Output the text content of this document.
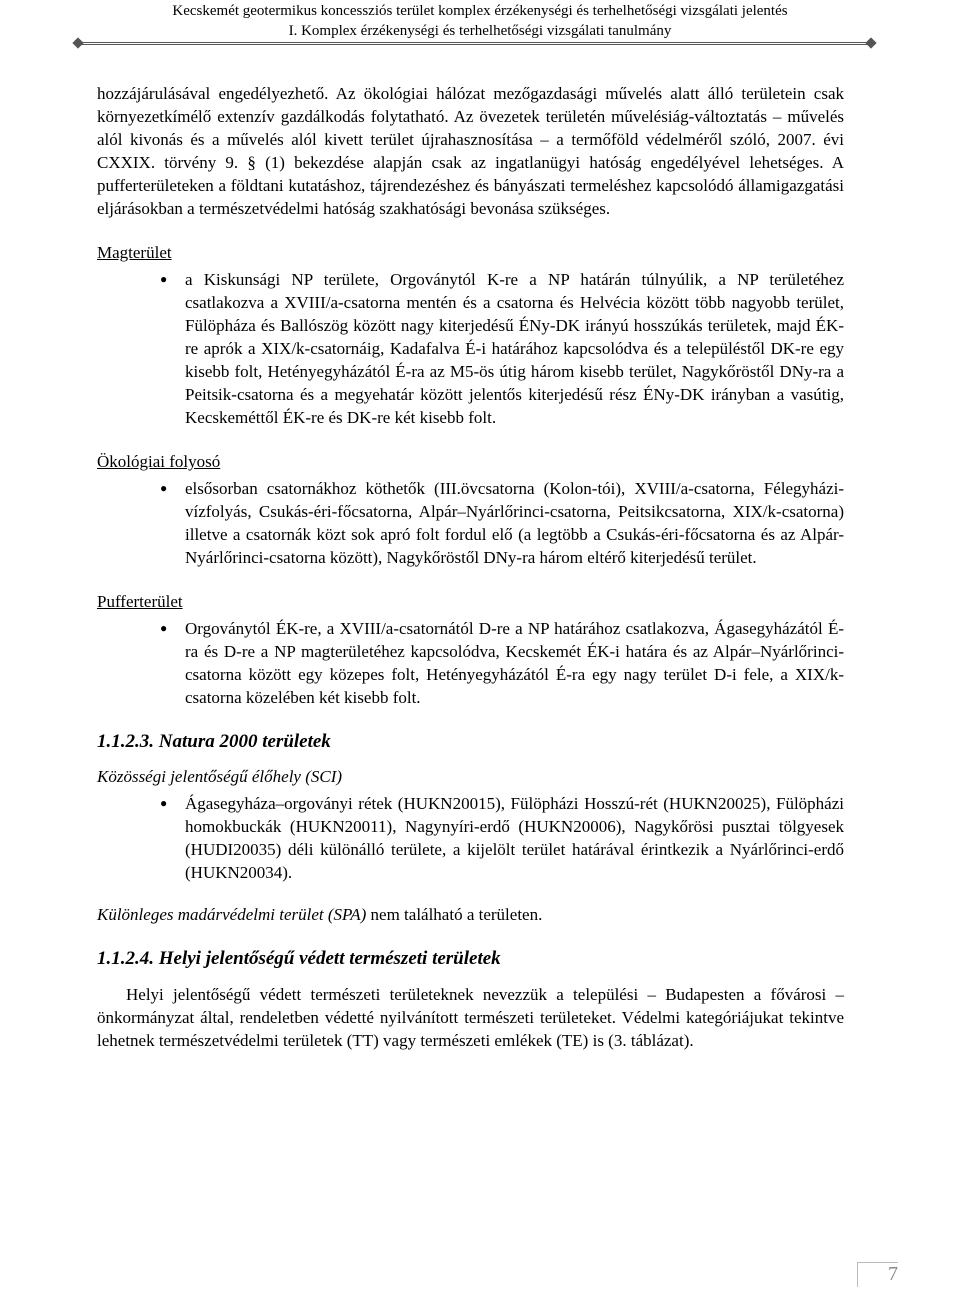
Kecskemét geotermikus koncessziós terület komplex érzékenységi és terhelhetőségi vizsgálati jelentés
I. Komplex érzékenységi és terhelhetőségi vizsgálati tanulmány

hozzájárulásával engedélyezhető. Az ökológiai hálózat mezőgazdasági művelés alatt álló területein csak környezetkímélő extenzív gazdálkodás folytatható. Az övezetek területén művelésiág-változtatás – művelés alól kivonás és a művelés alól kivett terület újrahasznosítása – a termőföld védelméről szóló, 2007. évi CXXIX. törvény 9. § (1) bekezdése alapján csak az ingatlanügyi hatóság engedélyével lehetséges. A pufferterületeken a földtani kutatáshoz, tájrendezéshez és bányászati termeléshez kapcsolódó államigazgatási eljárásokban a természetvédelmi hatóság szakhatósági bevonása szükséges.

Magterület

● a Kiskunsági NP területe, Orgoványtól K-re a NP határán túlnyúlik, a NP területéhez csatlakozva a XVIII/a-csatorna mentén és a csatorna és Helvécia között több nagyobb terület, Fülöpháza és Ballószög között nagy kiterjedésű ÉNy-DK irányú hosszúkás területek, majd ÉK-re aprók a XIX/k-csatornáig, Kadafalva É-i határához kapcsolódva és a településtől DK-re egy kisebb folt, Hetényegyházától É-ra az M5-ös útig három kisebb terület, Nagykőröstől DNy-ra a Peitsik-csatorna és a megyehatár között jelentős kiterjedésű rész ÉNy-DK irányban a vasútig, Kecskeméttől ÉK-re és DK-re két kisebb folt.

Ökológiai folyosó

● elsősorban csatornákhoz köthetők (III.övcsatorna (Kolon-tói), XVIII/a-csatorna, Félegyházi-vízfolyás, Csukás-éri-főcsatorna, Alpár–Nyárlőrinci-csatorna, Peitsikcsatorna, XIX/k-csatorna) illetve a csatornák közt sok apró folt fordul elő (a legtöbb a Csukás-éri-főcsatorna és az Alpár-Nyárlőrinci-csatorna között), Nagykőröstől DNy-ra három eltérő kiterjedésű terület.

Pufferterület

● Orgoványtól ÉK-re, a XVIII/a-csatornától D-re a NP határához csatlakozva, Ágasegyházától É-ra és D-re a NP magterületéhez kapcsolódva, Kecskemét ÉK-i határa és az Alpár–Nyárlőrinci-csatorna között egy közepes folt, Hetényegyházától É-ra egy nagy terület D-i fele, a XIX/k-csatorna közelében két kisebb folt.

1.1.2.3. Natura 2000 területek

Közösségi jelentőségű élőhely (SCI)

● Ágasegyháza–orgoványi rétek (HUKN20015), Fülöpházi Hosszú-rét (HUKN20025), Fülöpházi homokbuckák (HUKN20011), Nagynyíri-erdő (HUKN20006), Nagykőrösi pusztai tölgyesek (HUDI20035) déli különálló területe, a kijelölt terület határával érintkezik a Nyárlőrinci-erdő (HUKN20034).

Különleges madárvédelmi terület (SPA) nem található a területen.

1.1.2.4. Helyi jelentőségű védett természeti területek

Helyi jelentőségű védett természeti területeknek nevezzük a települési – Budapesten a fővárosi – önkormányzat által, rendeletben védetté nyilvánított természeti területeket. Védelmi kategóriájukat tekintve lehetnek természetvédelmi területek (TT) vagy természeti emlékek (TE) is (3. táblázat).

7
